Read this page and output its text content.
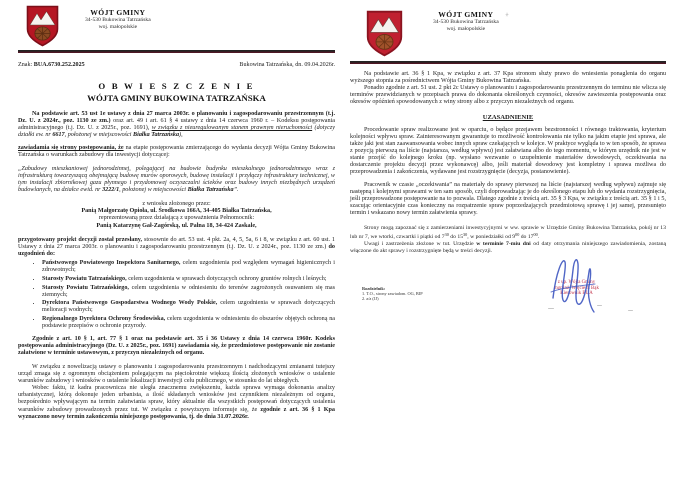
WÓJT GMINY
34-530 Bukowina Tatrzańska
woj. małopolskie
Znak: BUA.6730.252.2025	Bukowina Tatrzańska, dn. 09.04.2026r.
O B W I E S Z C Z E N I E
WÓJTA GMINY BUKOWINA TATRZAŃSKA

Na podstawie art. 53 ust 1e ustawy z dnia 27 marca 2003r. o planowaniu i zagospodarowaniu przestrzennym (t.j. Dz. U. z 2024r., poz. 1130 ze zm.) oraz art. 49 i art. 61 § 4 ustawy z dnia 14 czerwca 1960 r. – Kodeksu postępowania administracyjnego (t.j. Dz. U. z 2025r., poz. 1691), w związku z nieuregulowanym stanem prawnym nieruchomości (dotyczy działki ew. nr 6617, położonej w miejscowości Białka Tatrzańska),

zawiadamia się strony postępowania, że na etapie postępowania zmierzającego do wydania decyzji Wójta Gminy Bukowina Tatrzańska o warunkach zabudowy dla inwestycji dotyczącej:

„Zabudowy mieszkaniowej jednorodzinnej, polegającej na budowie budynku mieszkalnego jednorodzinnego wraz z infrastrukturą towarzyszącą obejmującą budowę murów oporowych, budowę instalacji i przyłączy infrastruktury technicznej, w tym instalacji zbiornikowej gazu płynnego i przydomowej oczyszczalni ścieków oraz budowy innych niezbędnych urządzeń budowlanych, na działce ewid. nr 3222/1, położonej w miejscowości Białka Tatrzańska”.

z wniosku złożonego przez:

Panią Małgorzatę Opioła, ul. Środkowa 166A, 34-405 Białka Tatrzańska,

reprezentowaną przez działającą z upoważnienia Pełnomocnik:

Panią Katarzynę Gał-Zagórską, ul. Palna 18, 34-424 Zaskale,

przygotowany projekt decyzji został przesłany, stosownie do art. 53 ust. 4 pkt. 2a, 4, 5, 5a, 6 i 8, w związku z art. 60 ust. 1 Ustawy z dnia 27 marca 2003r. o planowaniu i zagospodarowaniu przestrzennym (t.j. Dz. U. z 2024r., poz. 1130 ze zm.) do uzgodnień do:

• Państwowego Powiatowego Inspektora Sanitarnego, celem uzgodnienia pod względem wymagań higienicznych i zdrowotnych;
• Starosty Powiatu Tatrzańskiego, celem uzgodnienia w sprawach dotyczących ochrony gruntów rolnych i leśnych;
• Starosty Powiatu Tatrzańskiego, celem uzgodnienia w odniesieniu do terenów zagrożonych osuwaniem się mas ziemnych;
• Dyrektora Państwowego Gospodarstwa Wodnego Wody Polskie, celem uzgodnienia w sprawach dotyczących melioracji wodnych;
• Regionalnego Dyrektora Ochrony Środowiska, celem uzgodnienia w odniesieniu do obszarów objętych ochroną na podstawie przepisów o ochronie przyrody.

Zgodnie z art. 10 § 1, art. 77 § 1 oraz na podstawie art. 35 i 36 Ustawy z dnia 14 czerwca 1960r. Kodeks postępowania administracyjnego (Dz. U. z 2025r., poz. 1691) zawiadamia się, że przedmiotowe postępowanie nie zostanie załatwione w terminie ustawowym, z przyczyn niezależnych od organu.

W związku z nowelizacją ustawy o planowaniu i zagospodarowaniu przestrzennym i nadchodzącymi zmianami tutejszy urząd zmaga się z ogromnym obciążeniem polegającym na pięciokrotnie większą ilością złożonych wniosków o ustalenie warunków zabudowy i wniosków o ustalenie lokalizacji inwestycji celu publicznego, w stosunku do lat ubiegłych.

Wobec faktu, iż kadra pracownicza nie uległa znacznemu zwiększeniu, każda sprawa wymaga dokonania analizy urbanistycznej, którą dokonuje jeden urbanista, a ilość składanych wniosków jest czynnikiem niezależnym od organu, bezpośrednio wpływającym na termin załatwiania spraw, który aktualnie dla wszystkich postępowań dotyczących ustalenia warunków zabudowy prowadzonych przez tut. W związku z powyższym informuje się, że zgodnie z art. 36 § 1 Kpa wyznaczono nowy termin zakończenia niniejszego postępowania, tj. do dnia 31.07.2026r.

WÓJT GMINY
34-530 Bukowina Tatrzańska
woj. małopolskie

Na podstawie art. 36 § 1 Kpa, w związku z art. 37 Kpa stronom służy prawo do wniesienia ponaglenia do organu wyższego stopnia za pośrednictwem Wójta Gminy Bukowina Tatrzańska.

Ponadto zgodnie z art. 51 ust. 2 pkt 2c Ustawy o planowaniu i zagospodarowaniu przestrzennym do terminu nie wlicza się terminów przewidzianych w przepisach prawa do dokonania określonych czynności, okresów zawieszenia postępowania oraz okresów opóźnień spowodowanych z winy strony albo z przyczyn niezależnych od organu.

UZASADNIENIE

Procedowanie spraw realizowane jest w oparciu, o będące przejawem bezstronności i równego traktowania, kryterium kolejności wpływu spraw. Zainteresowanym gwarantuje to możliwość kontrolowania nie tylko na jakim etapie jest sprawa, ale także jaki jest stan zaawansowania wobec innych spraw czekających w kolejce. W praktyce wygląda to w ten sposób, że sprawa z pozycją pierwszą na liście (najstarsza, według wpływu) jest załatwiana albo do tego momentu, w którym urzędnik nie jest w stanie przejść do kolejnego kroku (np. wysłano wezwanie o uzupełnienie materiałów dowodowych, oczekiwania na dostarczenie projektu decyzji przez wykonawcę) albo, jeśli materiał dowodowy jest kompletny i sprawa możliwa do przeprowadzenia i zakończenia, wydawane jest rozstrzygnięcie (decyzja, postanowienie).

Pracownik w czasie „oczekiwania” na materiały do sprawy pierwszej na liście (najstarszej według wpływu) zajmuje się następną i kolejnymi sprawami w ten sam sposób, czyli doprowadzając je do określonego etapu lub do wydania rozstrzygnięcia, jeśli przeprowadzone postępowanie na to pozwala. Dlatego zgodnie z treścią art. 35 § 3 Kpa, w związku z treścią art. 35 § 1 i 5, szacując orientacyjnie czas konieczny na rozpatrzenie spraw poprzedzających przedmiotową sprawę i jej samej, przesunięto termin i wskazano nowy termin załatwienia sprawy.

Strony mogą zapoznać się z zamierzeniami inwestycyjnymi w ww. sprawie w Urzędzie Gminy Bukowina Tatrzańska, pokój nr 13 lub nr 7, we wtorki, czwartki i piątki od $7^{30}$ do $15^{30}$, w poniedziałki od $9^{00}$ do $17^{00}$.

Uwagi i zastrzeżenia złożone w tut. Urzędzie w terminie 7-miu dni od daty otrzymania niniejszego zawiadomienia, zostaną włączone do akt sprawy i rozstrzygnięte będą w treści decyzji.

z up. Wójta Gminy
mgr inż. Wojciech Bąk
Kierownik BUA
Rozdzielnik:
1. T.O., strony zawiadom. OG, BIP
2. a/a (JJ)
